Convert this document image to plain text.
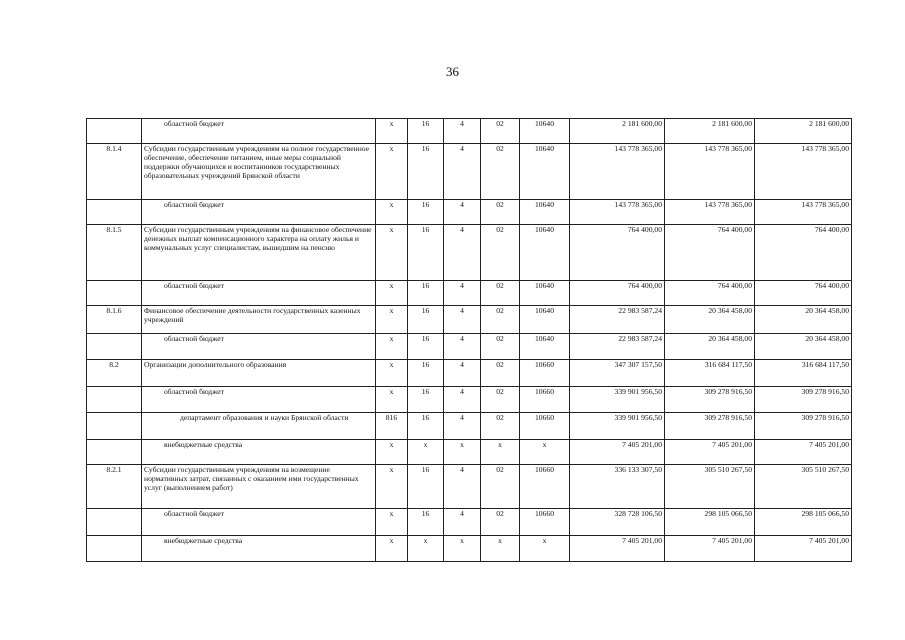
36
	областной бюджет	х	16	4	02	10640	2 181 600,00	2 181 600,00	2 181 600,00
8.1.4	Субсидии государственным учреждениям на полное государственное обеспечение, обеспечение питанием, иные меры социальной поддержки обучающихся и воспитанников государственных образовательных учреждений Брянской области	х	16	4	02	10640	143 778 365,00	143 778 365,00	143 778 365,00
	областной бюджет	х	16	4	02	10640	143 778 365,00	143 778 365,00	143 778 365,00
8.1.5	Субсидии государственным учреждениям на финансовое обеспечение денежных выплат компенсационного характера на оплату жилья и коммунальных услуг специалистам, вышедшим на пенсию	х	16	4	02	10640	764 400,00	764 400,00	764 400,00
	областной бюджет	х	16	4	02	10640	764 400,00	764 400,00	764 400,00
8.1.6	Финансовое обеспечение деятельности государственных казенных учреждений	х	16	4	02	10640	22 983 587,24	20 364 458,00	20 364 458,00
	областной бюджет	х	16	4	02	10640	22 983 587,24	20 364 458,00	20 364 458,00
8.2	Организации дополнительного образования	х	16	4	02	10660	347 307 157,50	316 684 117,50	316 684 117,50
	областной бюджет	х	16	4	02	10660	339 901 956,50	309 278 916,50	309 278 916,50
	департамент образования и науки Брянской области	816	16	4	02	10660	339 901 956,50	309 278 916,50	309 278 916,50
	внебюджетные средства	х	х	х	х	х	7 405 201,00	7 405 201,00	7 405 201,00
8.2.1	Субсидии государственным учреждениям на возмещение нормативных затрат, связанных с оказанием ими государственных услуг (выполнением работ)	х	16	4	02	10660	336 133 307,50	305 510 267,50	305 510 267,50
	областной бюджет	х	16	4	02	10660	328 728 106,50	298 105 066,50	298 105 066,50
	внебюджетные средства	х	х	х	х	х	7 405 201,00	7 405 201,00	7 405 201,00
